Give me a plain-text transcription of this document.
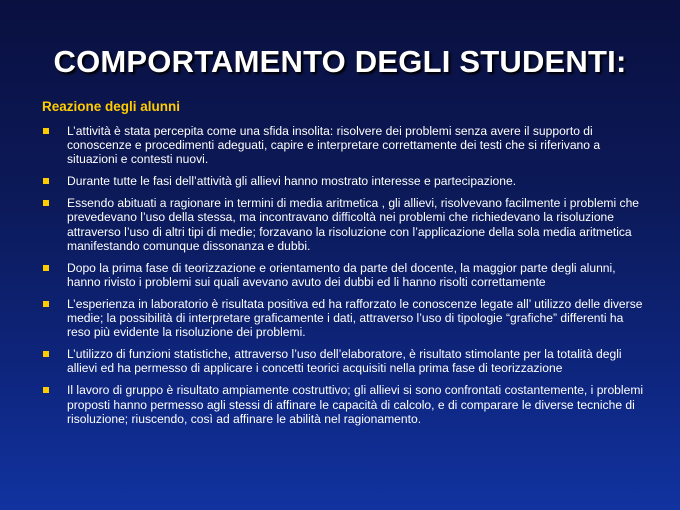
COMPORTAMENTO DEGLI STUDENTI:
Reazione degli alunni
L’attività è stata percepita come una sfida insolita: risolvere dei problemi senza avere il supporto di conoscenze e procedimenti adeguati, capire e interpretare correttamente dei testi che si riferivano a situazioni e contesti nuovi.
Durante tutte le fasi dell’attività gli allievi hanno mostrato interesse e partecipazione.
Essendo abituati a ragionare in termini di media aritmetica , gli allievi, risolvevano facilmente i problemi che prevedevano l’uso della stessa, ma incontravano difficoltà nei problemi che richiedevano la risoluzione attraverso l’uso di altri tipi di medie; forzavano la risoluzione con l’applicazione della sola media aritmetica manifestando comunque dissonanza e dubbi.
Dopo la prima fase di teorizzazione e orientamento da parte del docente, la maggior parte degli alunni, hanno rivisto i problemi sui quali avevano avuto dei dubbi ed li hanno risolti correttamente
L’esperienza in laboratorio è risultata positiva ed ha rafforzato le conoscenze legate all’ utilizzo delle diverse medie; la possibilità di interpretare graficamente i dati, attraverso l’uso di tipologie “grafiche” differenti ha reso più evidente la risoluzione dei problemi.
L’utilizzo di funzioni statistiche, attraverso l’uso dell’elaboratore, è risultato stimolante per la totalità degli allievi ed ha permesso di applicare i concetti teorici acquisiti nella prima fase di teorizzazione
Il lavoro di gruppo è risultato ampiamente costruttivo; gli allievi si sono confrontati costantemente, i problemi proposti hanno permesso agli stessi di affinare le capacità di calcolo, e di comparare le diverse tecniche di risoluzione; riuscendo, così ad affinare le abilità nel ragionamento.
